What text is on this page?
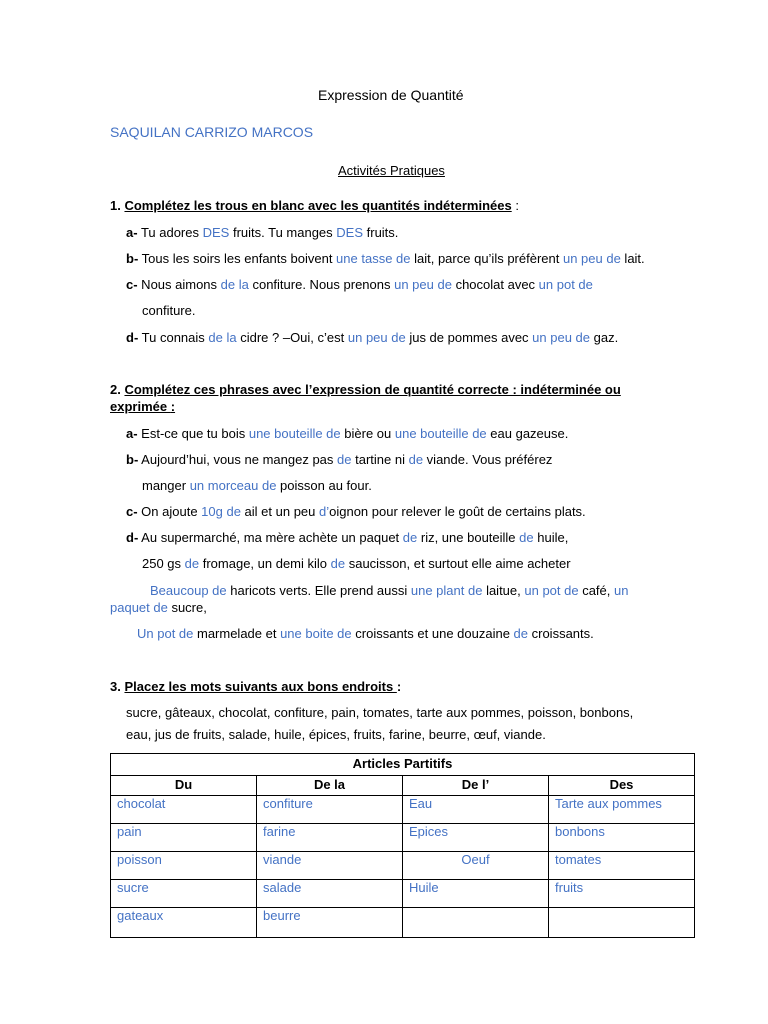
Expression de Quantité
SAQUILAN CARRIZO MARCOS
Activités Pratiques
1. Complétez les trous en blanc avec les quantités indéterminées :
a- Tu adores DES fruits. Tu manges DES fruits.
b- Tous les soirs les enfants boivent une tasse de lait, parce qu’ils préfèrent un peu de lait.
c- Nous aimons de la confiture. Nous prenons un peu de chocolat avec un pot de
confiture.
d- Tu connais de la cidre ? –Oui, c’est un peu de jus de pommes avec un peu de gaz.
2. Complétez ces phrases avec l’expression de quantité correcte : indéterminée ou
exprimée :
a- Est-ce que tu bois une bouteille de bière ou une bouteille de eau gazeuse.
b- Aujourd’hui, vous ne mangez pas de tartine ni de viande. Vous préférez
manger un morceau de poisson au four.
c- On ajoute 10g de ail et un peu d’oignon pour relever le goût de certains plats.
d- Au supermarché, ma mère achète un paquet de riz, une bouteille de huile,
250 gs de fromage, un demi kilo de saucisson, et surtout elle aime acheter
Beaucoup de haricots verts. Elle prend aussi une plant de laitue, un pot de café, un
paquet de sucre,
Un pot de marmelade et une boite de croissants et une douzaine de croissants.
3. Placez les mots suivants aux bons endroits :
sucre, gâteaux, chocolat, confiture, pain, tomates, tarte aux pommes, poisson, bonbons,
eau, jus de fruits, salade, huile, épices, fruits, farine, beurre, œuf, viande.
Articles Partitifs			
Du	De la	De l’	Des
chocolat	confiture	Eau	Tarte aux pommes
pain	farine	Epices	bonbons
poisson	viande	Oeuf	tomates
sucre	salade	Huile	fruits
gateaux	beurre		
